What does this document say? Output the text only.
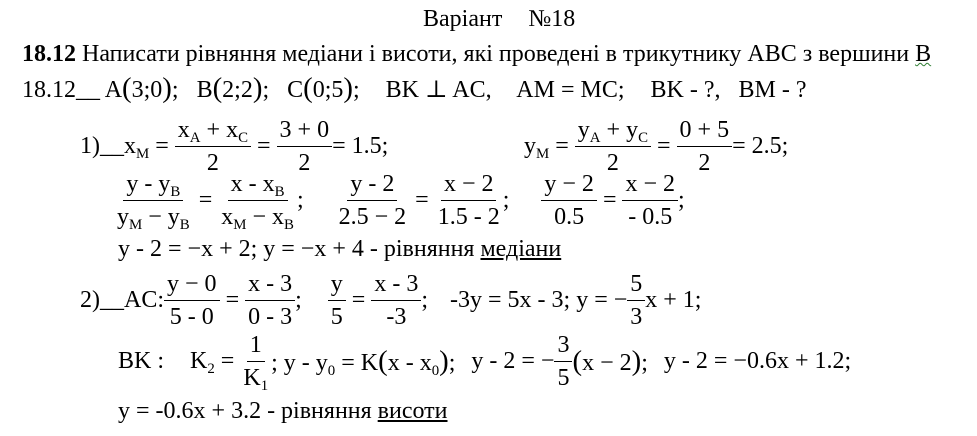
Варіант №18
18.12 Написати рівняння медіани і висоти, які проведені в трикутнику ABC з вершини B
18.12__ A(3;0); B(2;2); C(0;5); BK ⊥ AC, AM = MC; BK - ?, BM - ?
1)__ $x_M = \frac{x_A + x_C}{2} = \frac{3 + 0}{2} = 1.5$;	$y_M = \frac{y_A + y_C}{2} = \frac{0 + 5}{2} = 2.5$;
$\frac{y - y_B}{y_M - y_B} = \frac{x - x_B}{x_M - x_B}$ ; $\frac{y - 2}{2.5 - 2} = \frac{x - 2}{1.5 - 2}$ ; $\frac{y - 2}{0.5} = \frac{x - 2}{- 0.5}$ ;
y - 2 = −x + 2; y = −x + 4 - рівняння медіани
2)__ AC: $\frac{y - 0}{5 - 0} = \frac{x - 3}{0 - 3}$ ; $\frac{y}{5} = \frac{x - 3}{-3}$ ; -3y = 5x - 3; y = − $\frac{5}{3}$ x + 1;
BK : $K_2 = \frac{1}{K_1}$ ; $y - y_0 = K(x - x_0)$; y - 2 = − $\frac{3}{5} (x - 2)$; y - 2 = −0.6x + 1.2;
y = -0.6x + 3.2 - рівняння висоти
